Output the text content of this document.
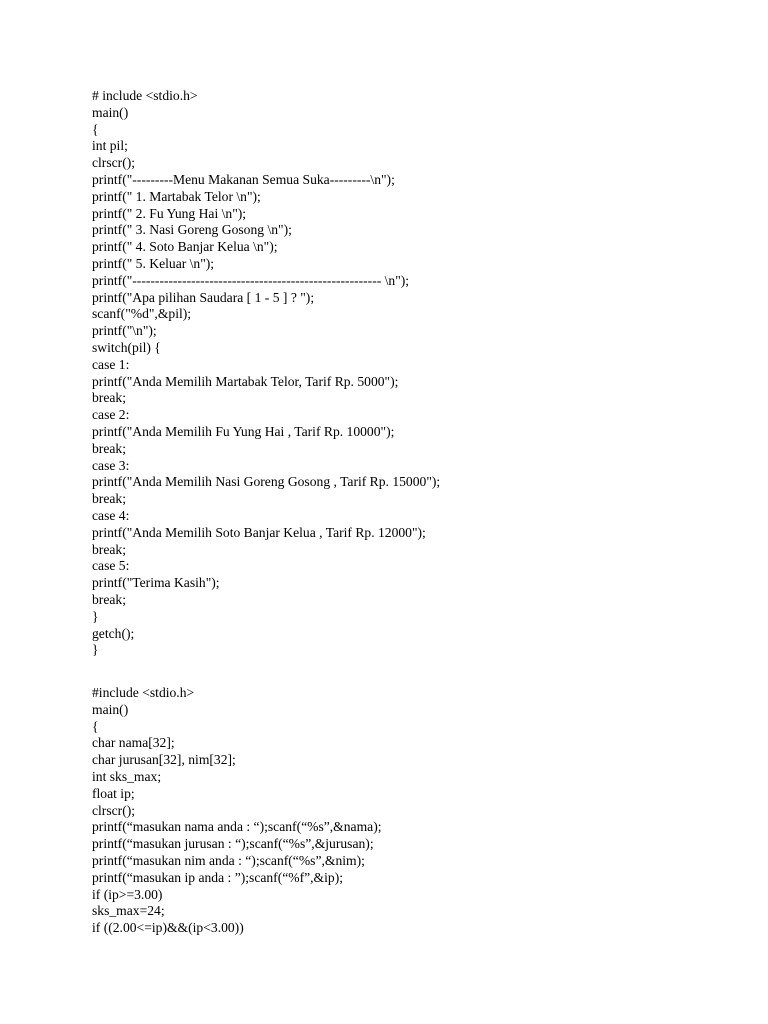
# include <stdio.h>
main()
{
int pil;
clrscr();
printf("---------Menu Makanan Semua Suka---------\n");
printf(" 1. Martabak Telor \n");
printf(" 2. Fu Yung Hai \n");
printf(" 3. Nasi Goreng Gosong \n");
printf(" 4. Soto Banjar Kelua \n");
printf(" 5. Keluar \n");
printf("------------------------------------------------------- \n");
printf("Apa pilihan Saudara [ 1 - 5 ] ? ");
scanf("%d",&pil);
printf("\n");
switch(pil) {
case 1:
printf("Anda Memilih Martabak Telor, Tarif Rp. 5000");
break;
case 2:
printf("Anda Memilih Fu Yung Hai , Tarif Rp. 10000");
break;
case 3:
printf("Anda Memilih Nasi Goreng Gosong , Tarif Rp. 15000");
break;
case 4:
printf("Anda Memilih Soto Banjar Kelua , Tarif Rp. 12000");
break;
case 5:
printf("Terima Kasih");
break;
}
getch();
}
#include <stdio.h>
main()
{
char nama[32];
char jurusan[32], nim[32];
int sks_max;
float ip;
clrscr();
printf(“masukan nama anda : “);scanf(“%s”,&nama);
printf(“masukan jurusan : “);scanf(“%s”,&jurusan);
printf(“masukan nim anda : “);scanf(“%s”,&nim);
printf(“masukan ip anda : ”);scanf(“%f”,&ip);
if (ip>=3.00)
sks_max=24;
if ((2.00<=ip)&&(ip<3.00))
